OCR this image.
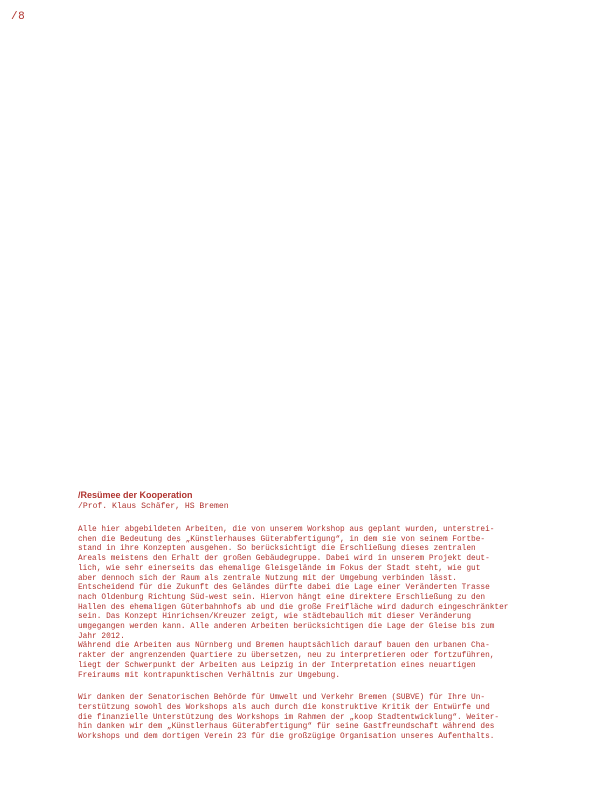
/8

/Resümee der Kooperation

/Prof. Klaus Schäfer, HS Bremen

Alle hier abgebildeten Arbeiten, die von unserem Workshop aus geplant wurden, unterstrei-
chen die Bedeutung des „Künstlerhauses Güterabfertigung“, in dem sie von seinem Fortbe-
stand in ihre Konzepten ausgehen. So berücksichtigt die Erschließung dieses zentralen
Areals meistens den Erhalt der großen Gebäudegruppe. Dabei wird in unserem Projekt deut-
lich, wie sehr einerseits das ehemalige Gleisgelände im Fokus der Stadt steht, wie gut
aber dennoch sich der Raum als zentrale Nutzung mit der Umgebung verbinden lässt.
Entscheidend für die Zukunft des Geländes dürfte dabei die Lage einer Veränderten Trasse
nach Oldenburg Richtung Süd-west sein. Hiervon hängt eine direktere Erschließung zu den
Hallen des ehemaligen Güterbahnhofs ab und die große Freifläche wird dadurch eingeschränkter
sein. Das Konzept Hinrichsen/Kreuzer zeigt, wie städtebaulich mit dieser Veränderung
umgegangen werden kann. Alle anderen Arbeiten berücksichtigen die Lage der Gleise bis zum
Jahr 2012.
Während die Arbeiten aus Nürnberg und Bremen hauptsächlich darauf bauen den urbanen Cha-
rakter der angrenzenden Quartiere zu übersetzen, neu zu interpretieren oder fortzuführen,
liegt der Schwerpunkt der Arbeiten aus Leipzig in der Interpretation eines neuartigen
Freiraums mit kontrapunktischen Verhältnis zur Umgebung.
Wir danken der Senatorischen Behörde für Umwelt und Verkehr Bremen (SUBVE) für Ihre Un-
terstützung sowohl des Workshops als auch durch die konstruktive Kritik der Entwürfe und
die finanzielle Unterstützung des Workshops im Rahmen der „koop Stadtentwicklung“. Weiter-
hin danken wir dem „Künstlerhaus Güterabfertigung“ für seine Gastfreundschaft während des
Workshops und dem dortigen Verein 23 für die großzügige Organisation unseres Aufenthalts.
